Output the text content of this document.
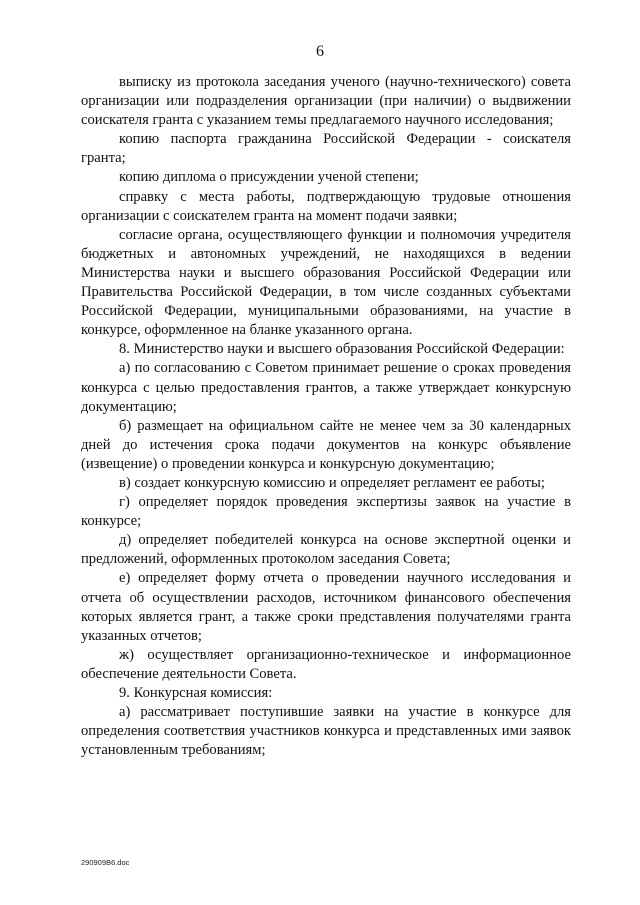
6

выписку из протокола заседания ученого (научно-технического) совета организации или подразделения организации (при наличии) о выдвижении соискателя гранта с указанием темы предлагаемого научного исследования;

копию паспорта гражданина Российской Федерации - соискателя гранта;

копию диплома о присуждении ученой степени;

справку с места работы, подтверждающую трудовые отношения организации с соискателем гранта на момент подачи заявки;

согласие органа, осуществляющего функции и полномочия учредителя бюджетных и автономных учреждений, не находящихся в ведении Министерства науки и высшего образования Российской Федерации или Правительства Российской Федерации, в том числе созданных субъектами Российской Федерации, муниципальными образованиями, на участие в конкурсе, оформленное на бланке указанного органа.

8. Министерство науки и высшего образования Российской Федерации:

а) по согласованию с Советом принимает решение о сроках проведения конкурса с целью предоставления грантов, а также утверждает конкурсную документацию;

б) размещает на официальном сайте не менее чем за 30 календарных дней до истечения срока подачи документов на конкурс объявление (извещение) о проведении конкурса и конкурсную документацию;

в) создает конкурсную комиссию и определяет регламент ее работы;

г) определяет порядок проведения экспертизы заявок на участие в конкурсе;

д) определяет победителей конкурса на основе экспертной оценки и предложений, оформленных протоколом заседания Совета;

е) определяет форму отчета о проведении научного исследования и отчета об осуществлении расходов, источником финансового обеспечения которых является грант, а также сроки представления получателями гранта указанных отчетов;

ж) осуществляет организационно-техническое и информационное обеспечение деятельности Совета.

9. Конкурсная комиссия:

а) рассматривает поступившие заявки на участие в конкурсе для определения соответствия участников конкурса и представленных ими заявок установленным требованиям;

290909В6.doc
